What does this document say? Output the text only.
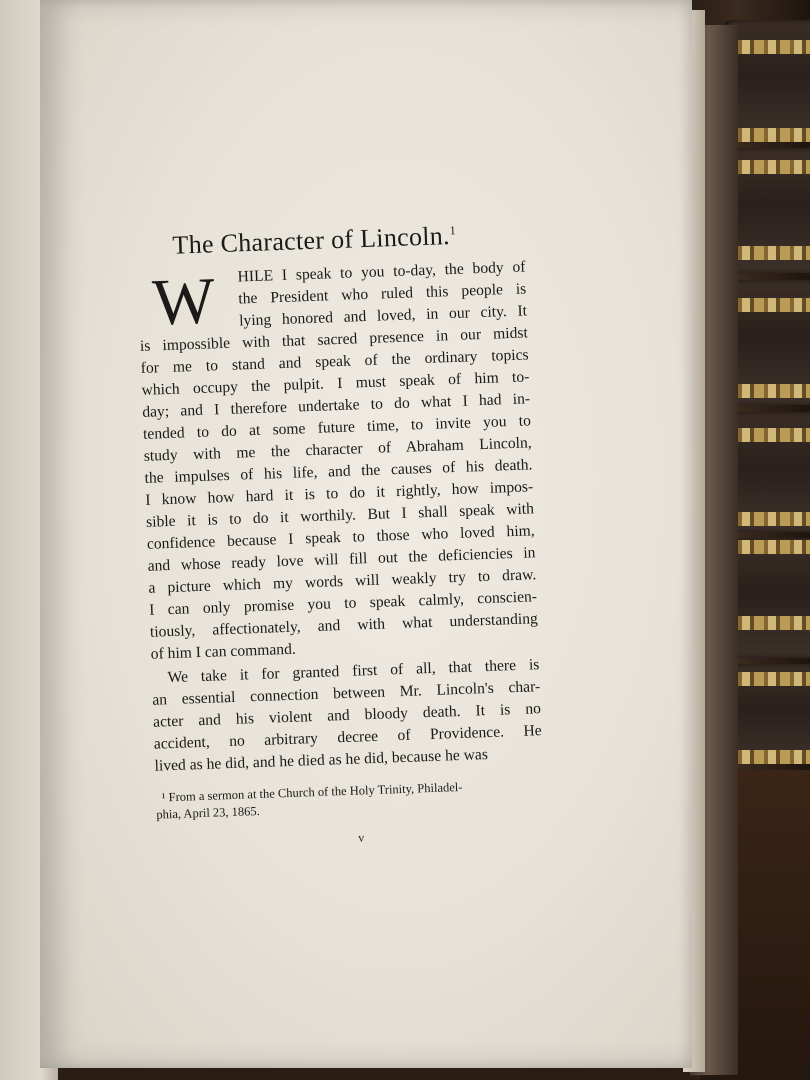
The Character of Lincoln.$^1$
W	HILE I speak to you to-day, the body of
the President who ruled this people is
lying honored and loved, in our city. It
is impossible with that sacred presence in our midst
for me to stand and speak of the ordinary topics
which occupy the pulpit. I must speak of him to-
day; and I therefore undertake to do what I had in-
tended to do at some future time, to invite you to
study with me the character of Abraham Lincoln,
the impulses of his life, and the causes of his death.
I know how hard it is to do it rightly, how impos-
sible it is to do it worthily. But I shall speak with
confidence because I speak to those who loved him,
and whose ready love will fill out the deficiencies in
a picture which my words will weakly try to draw.
I can only promise you to speak calmly, conscien-
tiously, affectionately, and with what understanding
of him I can command.

We take it for granted first of all, that there is
an essential connection between Mr. Lincoln's char-
acter and his violent and bloody death. It is no
accident, no arbitrary decree of Providence. He
lived as he did, and he died as he did, because he was

¹ From a sermon at the Church of the Holy Trinity, Philadel-
phia, April 23, 1865.
v
